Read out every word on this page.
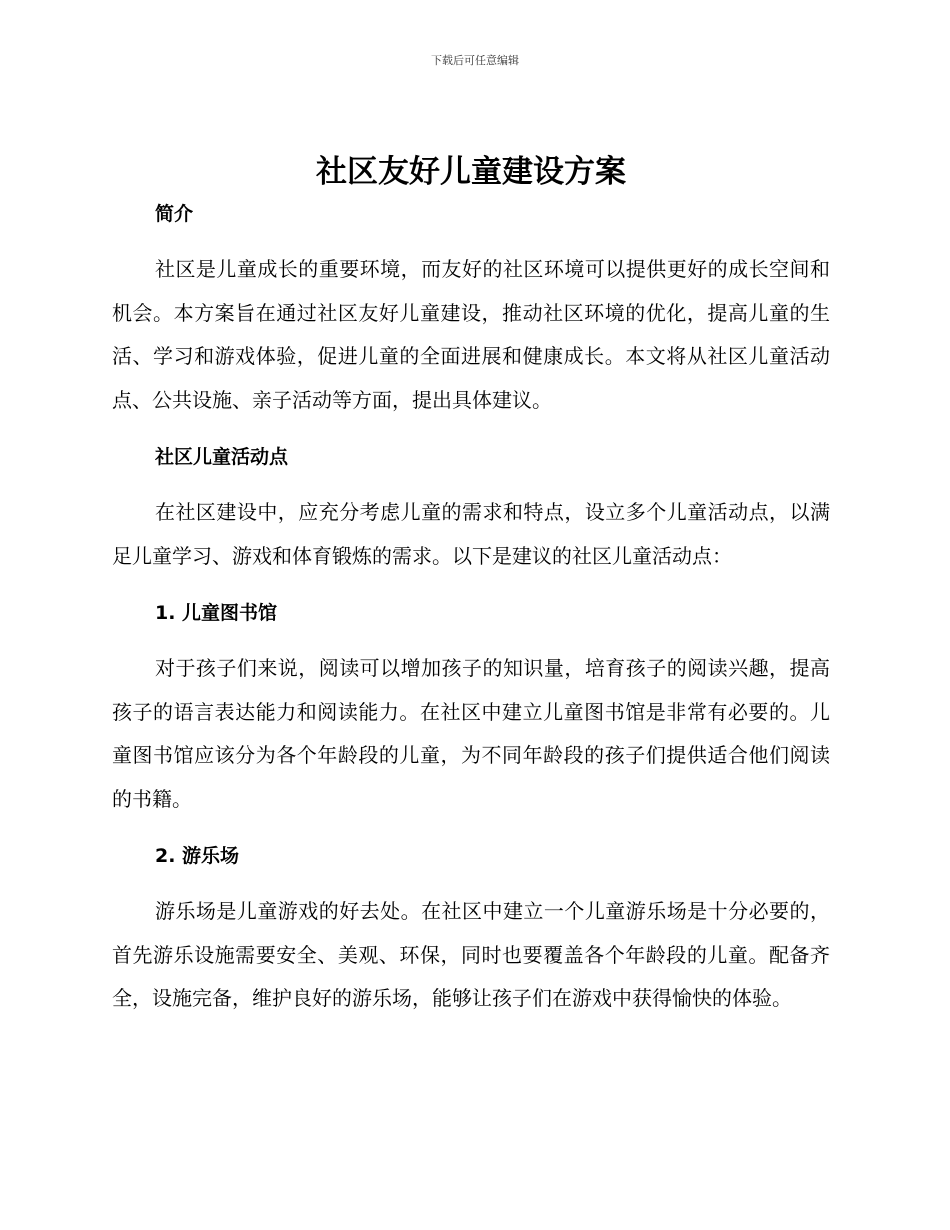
下载后可任意编辑
社区友好儿童建设方案
简介

社区是儿童成长的重要环境，而友好的社区环境可以提供更好的成长空间和机会。本方案旨在通过社区友好儿童建设，推动社区环境的优化，提高儿童的生活、学习和游戏体验，促进儿童的全面进展和健康成长。本文将从社区儿童活动点、公共设施、亲子活动等方面，提出具体建议。

社区儿童活动点

在社区建设中，应充分考虑儿童的需求和特点，设立多个儿童活动点，以满足儿童学习、游戏和体育锻炼的需求。以下是建议的社区儿童活动点：

1. 儿童图书馆

对于孩子们来说，阅读可以增加孩子的知识量，培育孩子的阅读兴趣，提高孩子的语言表达能力和阅读能力。在社区中建立儿童图书馆是非常有必要的。儿童图书馆应该分为各个年龄段的儿童，为不同年龄段的孩子们提供适合他们阅读的书籍。

2. 游乐场

游乐场是儿童游戏的好去处。在社区中建立一个儿童游乐场是十分必要的， 首先游乐设施需要安全、美观、环保，同时也要覆盖各个年龄段的儿童。配备齐全，设施完备，维护良好的游乐场，能够让孩子们在游戏中获得愉快的体验。
